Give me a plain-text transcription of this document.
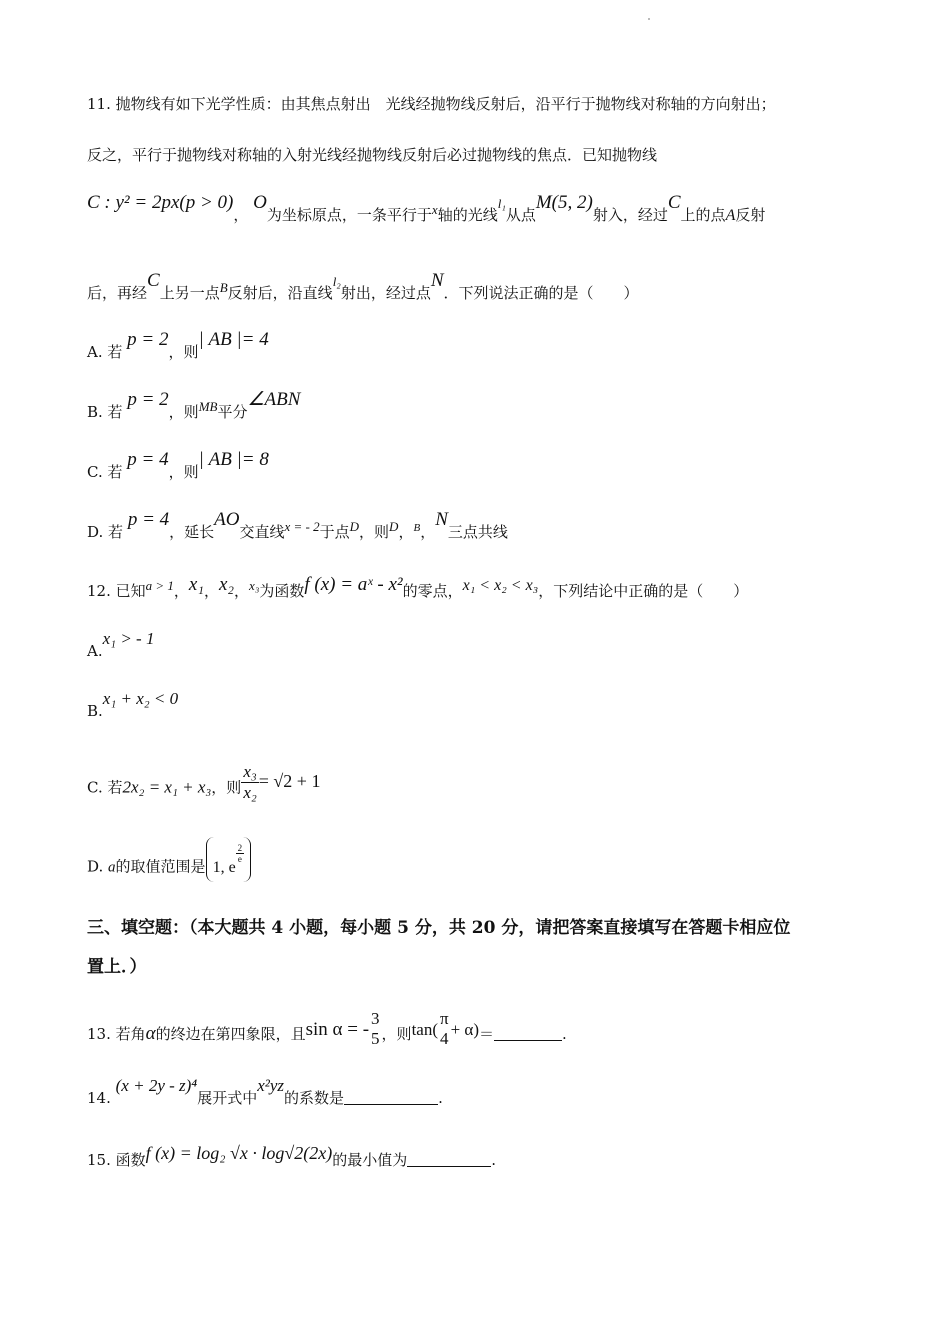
11. 抛物线有如下光学性质：由其焦点射出　光线经抛物线反射后，沿平行于抛物线对称轴的方向射出；
反之，平行于抛物线对称轴的入射光线经抛物线反射后必过抛物线的焦点．已知抛物线
C : y² = 2px(p > 0)， O为坐标原点，一条平行于x轴的光线l₁从点M(5, 2)射入，经过C上的点A反射
后，再经C上另一点B反射后，沿直线l₂射出，经过点N．下列说法正确的是（　　）
A. 若 p = 2，则| AB |= 4
B. 若 p = 2，则MB平分∠ABN
C. 若 p = 4，则| AB |= 8
D. 若 p = 4，延长AO交直线x = - 2于点D，则D，$^B$，N三点共线
12. 已知a > 1，x₁，x₂，x₃为函数f (x) = aˣ - x²的零点，x₁ < x₂ < x₃，下列结论中正确的是（　　）
A.x₁ > - 1
B.x₁ + x₂ < 0
C. 若2x₂ = x₁ + x₃，则 $\frac{\text{x₃}}{\text{x₂}} = √2 + 1$
D. a的取值范围是 1, e
$\frac{2}{e}$
三、填空题：（本大题共 4 小题，每小题 5 分，共 20 分，请把答案直接填写在答题卡相应位
置上．）
13. 若角α的终边在第四象限，且sin α = -
3
5 ，则tan(
π
4 + α)＝	.
14. (x + 2y - z)⁴展开式中x²yz的系数是	.
15. 函数f (x) = log₂ √x · log√2(2x)的最小值为	.
